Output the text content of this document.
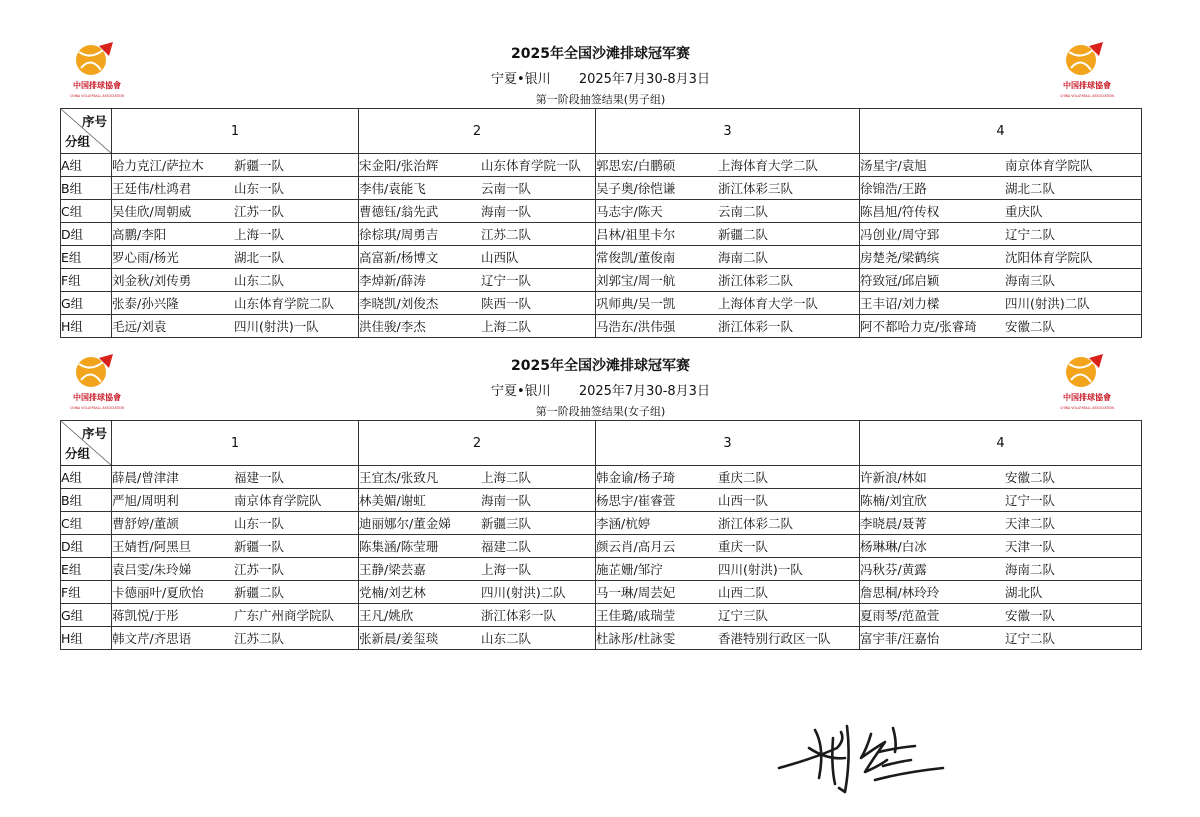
中国排球協會
CHINA VOLLEYBALL ASSOCIATION
中国排球協會
CHINA VOLLEYBALL ASSOCIATION
2025年全国沙滩排球冠军赛
宁夏•银川 2025年7月30-8月3日
第一阶段抽签结果(男子组)
序号
分组	1	2	3	4
A组	哈力克江/萨拉木 新疆一队	宋金阳/张治辉 山东体育学院一队	郭思宏/白鹏硕 上海体育大学二队	汤星宇/袁旭 南京体育学院队
B组	王廷伟/杜鸿君 山东一队	李伟/袁能飞 云南一队	吴子奥/徐恺谦 浙江体彩三队	徐锦浩/王路 湖北二队
C组	吴佳欣/周朝威 江苏一队	曹德钰/翁先武 海南一队	马志宇/陈天 云南二队	陈昌旭/符传权 重庆队
D组	高鹏/李阳 上海一队	徐棕琪/周勇吉 江苏二队	吕林/祖里卡尔 新疆二队	冯创业/周守郅 辽宁二队
E组	罗心雨/杨光 湖北一队	高富新/杨博文 山西队	常俊凯/董俊南 海南二队	房楚尧/梁鹤缤 沈阳体育学院队
F组	刘金秋/刘传勇 山东二队	李焯新/薛涛 辽宁一队	刘郭宝/周一航 浙江体彩二队	符致冠/邱启颖 海南三队
G组	张泰/孙兴隆 山东体育学院二队	李晓凯/刘俊杰 陕西一队	巩师典/吴一凯 上海体育大学一队	王丰诏/刘力樑 四川(射洪)二队
H组	毛远/刘袁 四川(射洪)一队	洪佳骏/李杰 上海二队	马浩东/洪伟强 浙江体彩一队	阿不都哈力克/张睿琦 安徽二队
中国排球協會
CHINA VOLLEYBALL ASSOCIATION
中国排球協會
CHINA VOLLEYBALL ASSOCIATION
2025年全国沙滩排球冠军赛
宁夏•银川 2025年7月30-8月3日
第一阶段抽签结果(女子组)
序号
分组	1	2	3	4
A组	薛晨/曾津津 福建一队	王宜杰/张致凡 上海二队	韩金谕/杨子琦 重庆二队	许新浪/林如 安徽二队
B组	严旭/周明利 南京体育学院队	林美媚/谢虹 海南一队	杨思宇/崔睿萱 山西一队	陈楠/刘宜欣 辽宁一队
C组	曹舒婷/董颉 山东一队	迪丽娜尔/董金娣 新疆三队	李涵/杭婷 浙江体彩二队	李晓晨/聂菁 天津二队
D组	王婧哲/阿黑旦 新疆一队	陈集涵/陈莹珊 福建二队	颜云肖/高月云 重庆一队	杨琳琳/白冰 天津一队
E组	袁吕雯/朱玲娣 江苏一队	王静/梁芸嘉 上海一队	施芷姗/邹泞 四川(射洪)一队	冯秋芬/黄露 海南二队
F组	卡德丽叶/夏欣怡 新疆二队	党楠/刘艺林 四川(射洪)二队	马一琳/周芸妃 山西二队	詹思桐/林玲玲 湖北队
G组	蒋凯悦/于彤 广东广州商学院队	王凡/姚欣 浙江体彩一队	王佳璐/戚瑞莹 辽宁三队	夏雨琴/范盈萱 安徽一队
H组	韩文芹/齐思语 江苏二队	张新晨/姜玺琰 山东二队	杜詠彤/杜詠雯 香港特别行政区一队	富宇菲/汪嘉怡 辽宁二队
